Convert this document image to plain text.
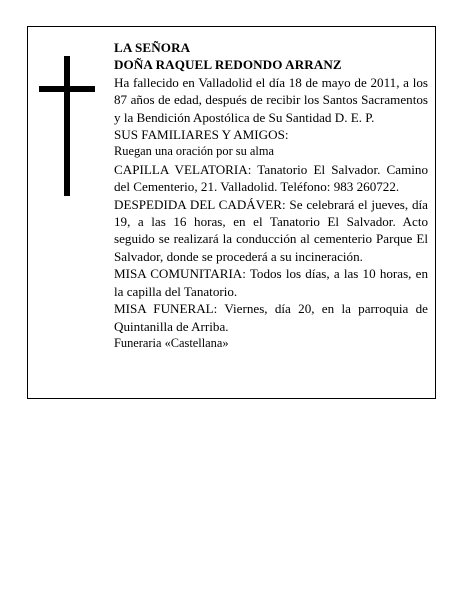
LA SEÑORA

DOÑA RAQUEL REDONDO ARRANZ

Ha fallecido en Valladolid el día 18 de mayo de 2011, a los 87 años de edad, después de recibir los Santos Sacramentos y la Bendición Apostólica de Su Santidad D. E. P.

SUS FAMILIARES Y AMIGOS:

Ruegan una oración por su alma

CAPILLA VELATORIA: Tanatorio El Salvador. Camino del Cementerio, 21. Valladolid. Teléfono: 983 260722.

DESPEDIDA DEL CADÁVER: Se celebrará el jueves, día 19, a las 16 horas, en el Tanatorio El Salvador. Acto seguido se realizará la conducción al cementerio Parque El Salvador, donde se procederá a su incineración.

MISA COMUNITARIA: Todos los días, a las 10 horas, en la capilla del Tanatorio.

MISA FUNERAL: Viernes, día 20, en la parroquia de Quintanilla de Arriba.

Funeraria «Castellana»
